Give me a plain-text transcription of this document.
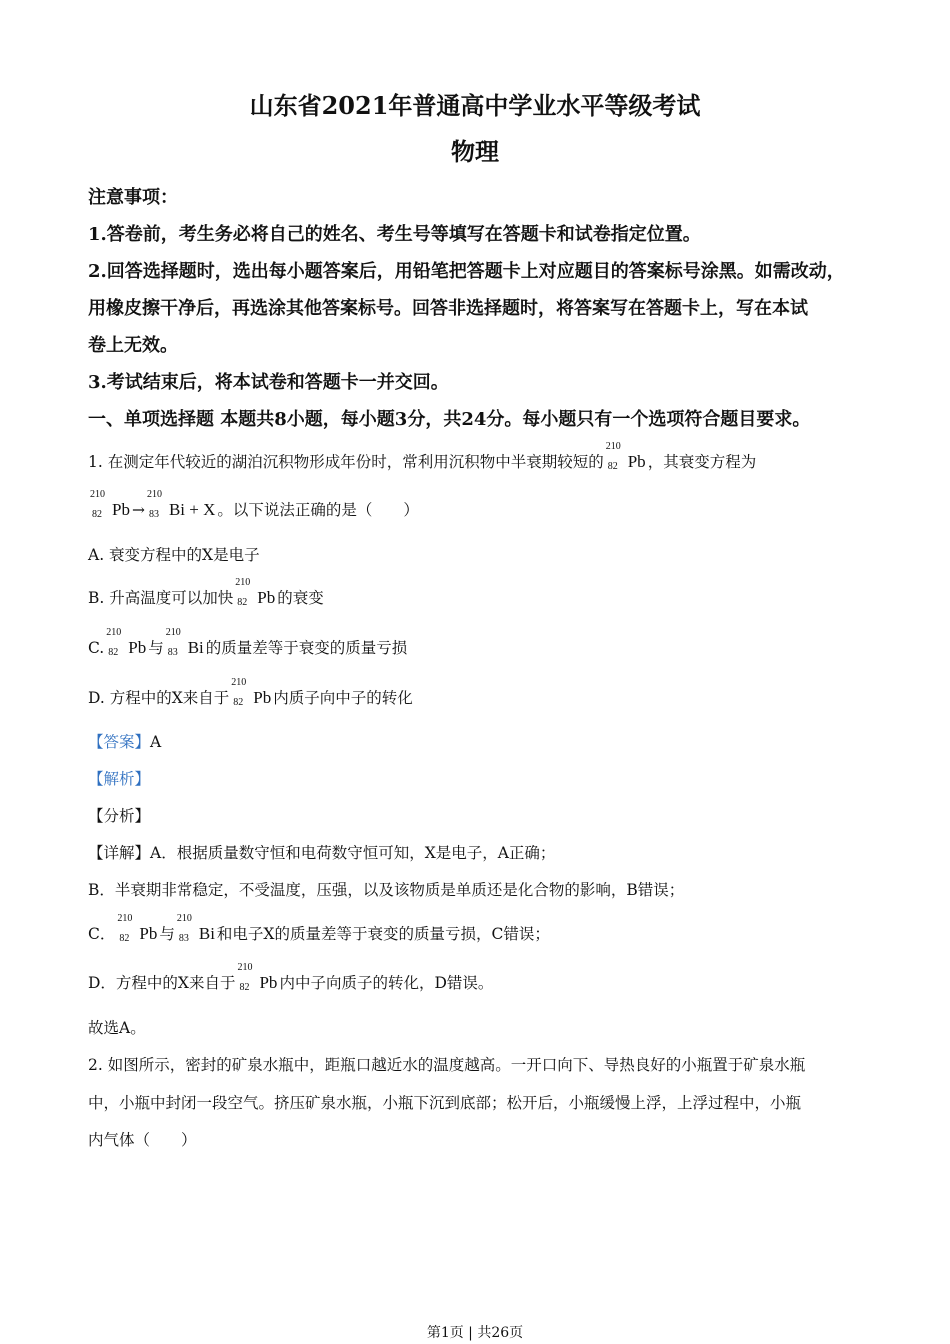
山东省2021年普通高中学业水平等级考试
物理
注意事项：
1.答卷前，考生务必将自己的姓名、考生号等填写在答题卡和试卷指定位置。
2.回答选择题时，选出每小题答案后，用铅笔把答题卡上对应题目的答案标号涂黑。如需改动，
用橡皮擦干净后，再选涂其他答案标号。回答非选择题时，将答案写在答题卡上，写在本试
卷上无效。
3.考试结束后，将本试卷和答题卡一并交回。
一、单项选择题 本题共8小题，每小题3分，共24分。每小题只有一个选项符合题目要求。
1. 在测定年代较近的湖泊沉积物形成年份时，常利用沉积物中半衰期较短的
210
82 Pb ，其衰变方程为
210
82 Pb →
210
83 Bi + X 。以下说法正确的是（　　）
A. 衰变方程中的X是电子
B. 升高温度可以加快
210
82 Pb 的衰变
C.
210
82 Pb 与
210
83 Bi 的质量差等于衰变的质量亏损
D. 方程中的X来自于
210
82 Pb 内质子向中子的转化
【答案】A
【解析】
【分析】
【详解】A．根据质量数守恒和电荷数守恒可知，X是电子，A正确；
B．半衰期非常稳定，不受温度，压强，以及该物质是单质还是化合物的影响，B错误；
C．
210
82 Pb 与
210
83 Bi 和电子X的质量差等于衰变的质量亏损，C错误；
D．方程中的X来自于
210
82 Pb 内中子向质子的转化，D错误。
故选A。
2. 如图所示，密封的矿泉水瓶中，距瓶口越近水的温度越高。一开口向下、导热良好的小瓶置于矿泉水瓶
中，小瓶中封闭一段空气。挤压矿泉水瓶，小瓶下沉到底部；松开后，小瓶缓慢上浮，上浮过程中，小瓶
内气体（　　）
第1页 | 共26页
